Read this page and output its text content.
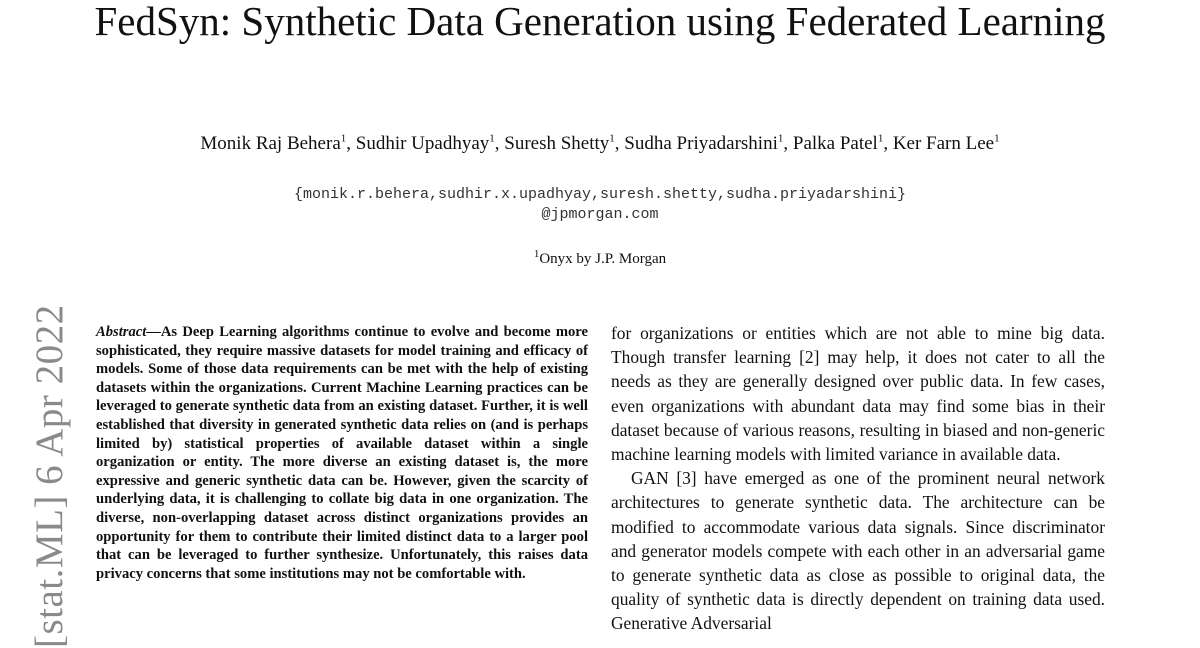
FedSyn: Synthetic Data Generation using Federated Learning
Monik Raj Behera$^1$, Sudhir Upadhyay$^1$, Suresh Shetty$^1$, Sudha Priyadarshini$^1$, Palka Patel$^1$, Ker Farn Lee$^1$
{monik.r.behera,sudhir.x.upadhyay,suresh.shetty,sudha.priyadarshini}
@jpmorgan.com
$^1$Onyx by J.P. Morgan
[stat.ML] 6 Apr 2022 Abstract—As Deep Learning algorithms continue to evolve and become more sophisticated, they require massive datasets for model training and efficacy of models. Some of those data requirements can be met with the help of existing datasets within the organizations. Current Machine Learning practices can be leveraged to generate synthetic data from an existing dataset. Further, it is well established that diversity in generated synthetic data relies on (and is perhaps limited by) statistical properties of available dataset within a single organization or entity. The more diverse an existing dataset is, the more expressive and generic synthetic data can be. However, given the scarcity of underlying data, it is challenging to collate big data in one organization. The diverse, non-overlapping dataset across distinct organizations provides an opportunity for them to contribute their limited distinct data to a larger pool that can be leveraged to further synthesize. Unfortunately, this raises data privacy concerns that some institutions may not be comfortable with.

for organizations or entities which are not able to mine big data. Though transfer learning [2] may help, it does not cater to all the needs as they are generally designed over public data. In few cases, even organizations with abundant data may find some bias in their dataset because of various reasons, resulting in biased and non-generic machine learning models with limited variance in available data.

GAN [3] have emerged as one of the prominent neural network architectures to generate synthetic data. The architecture can be modified to accommodate various data signals. Since discriminator and generator models compete with each other in an adversarial game to generate synthetic data as close as possible to original data, the quality of synthetic data is directly dependent on training data used. Generative Adversarial
